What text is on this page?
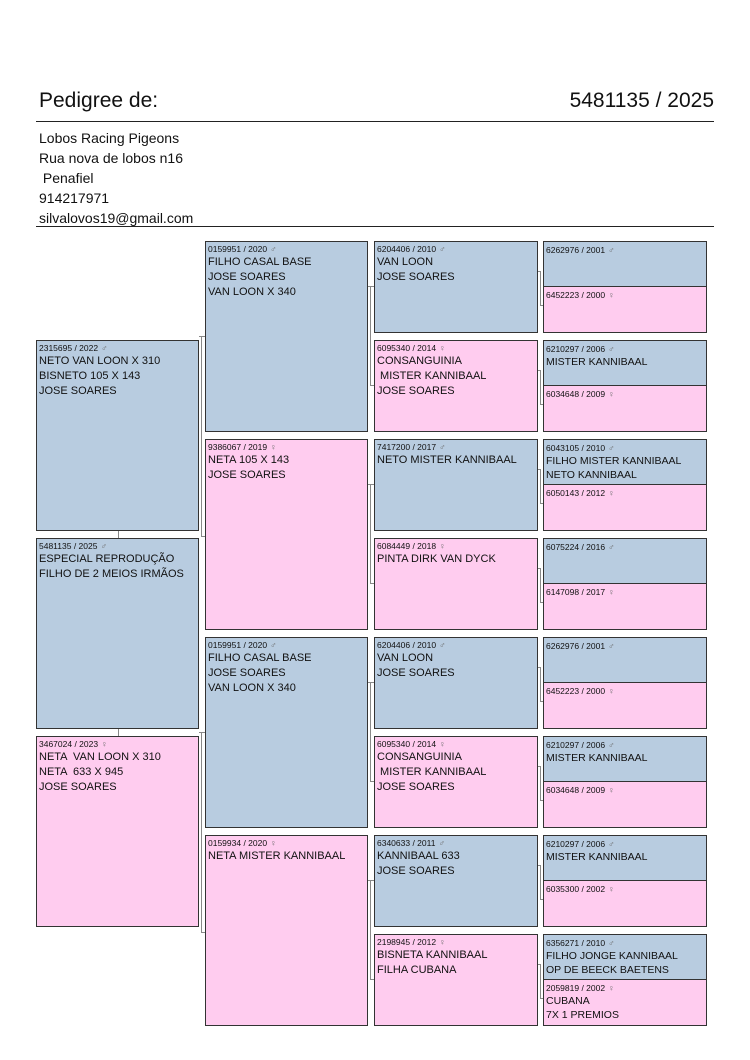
Pedigree de:	5481135 / 2025
Lobos Racing Pigeons
Rua nova de lobos n16
Penafiel
914217971
silvalovos19@gmail.com
5481135 / 2025 ♂
ESPECIAL REPRODUÇÃO
FILHO DE 2 MEIOS IRMÃOS
2315695 / 2022 ♂
NETO VAN LOON X 310
BISNETO 105 X 143
JOSE SOARES
3467024 / 2023 ♀
NETA  VAN LOON X 310
NETA  633 X 945
JOSE SOARES
0159951 / 2020 ♂
FILHO CASAL BASE
JOSE SOARES
VAN LOON X 340
9386067 / 2019 ♀
NETA 105 X 143
JOSE SOARES
0159951 / 2020 ♂
FILHO CASAL BASE
JOSE SOARES
VAN LOON X 340
0159934 / 2020 ♀
NETA MISTER KANNIBAAL
6204406 / 2010 ♂
VAN LOON
JOSE SOARES
6095340 / 2014 ♀
CONSANGUINIA
MISTER KANNIBAAL
JOSE SOARES
7417200 / 2017 ♂
NETO MISTER KANNIBAAL
6084449 / 2018 ♀
PINTA DIRK VAN DYCK
6204406 / 2010 ♂
VAN LOON
JOSE SOARES
6095340 / 2014 ♀
CONSANGUINIA
MISTER KANNIBAAL
JOSE SOARES
6340633 / 2011 ♂
KANNIBAAL 633
JOSE SOARES
2198945 / 2012 ♀
BISNETA KANNIBAAL
FILHA CUBANA
6262976 / 2001 ♂
6452223 / 2000 ♀
6210297 / 2006 ♂
MISTER KANNIBAAL
6034648 / 2009 ♀
6043105 / 2010 ♂
FILHO MISTER KANNIBAAL
NETO KANNIBAAL
6050143 / 2012 ♀
6075224 / 2016 ♂
6147098 / 2017 ♀
6262976 / 2001 ♂
6452223 / 2000 ♀
6210297 / 2006 ♂
MISTER KANNIBAAL
6034648 / 2009 ♀
6210297 / 2006 ♂
MISTER KANNIBAAL
6035300 / 2002 ♀
6356271 / 2010 ♂
FILHO JONGE KANNIBAAL
OP DE BEECK BAETENS
2059819 / 2002 ♀
CUBANA
7X 1 PREMIOS
